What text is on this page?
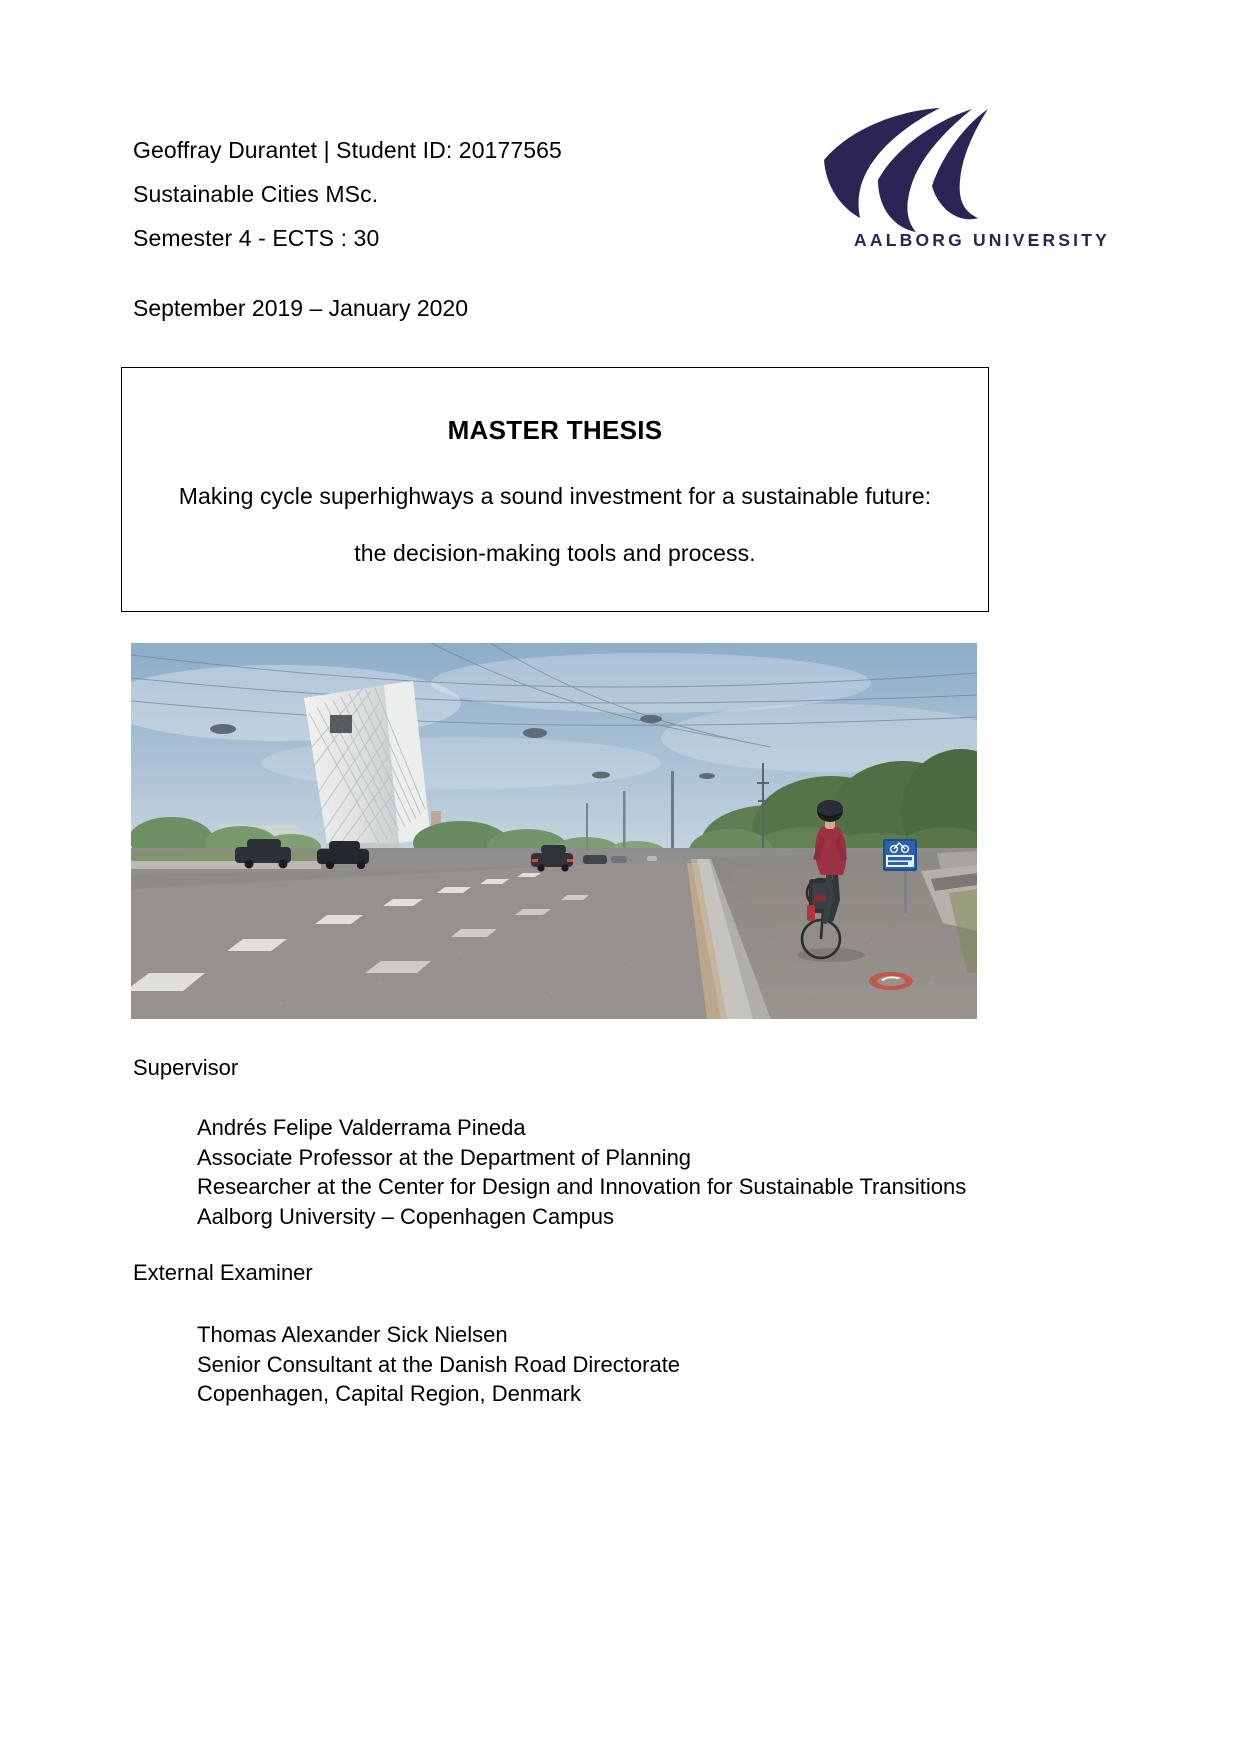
Geoffray Durantet | Student ID: 20177565
Sustainable Cities MSc.
Semester 4 - ECTS : 30
September 2019 – January 2020
AALBORG UNIVERSITY
MASTER THESIS
Making cycle superhighways a sound investment for a sustainable future:
the decision-making tools and process.
Supervisor
Andrés Felipe Valderrama Pineda
Associate Professor at the Department of Planning
Researcher at the Center for Design and Innovation for Sustainable Transitions
Aalborg University – Copenhagen Campus
External Examiner
Thomas Alexander Sick Nielsen
Senior Consultant at the Danish Road Directorate
Copenhagen, Capital Region, Denmark
